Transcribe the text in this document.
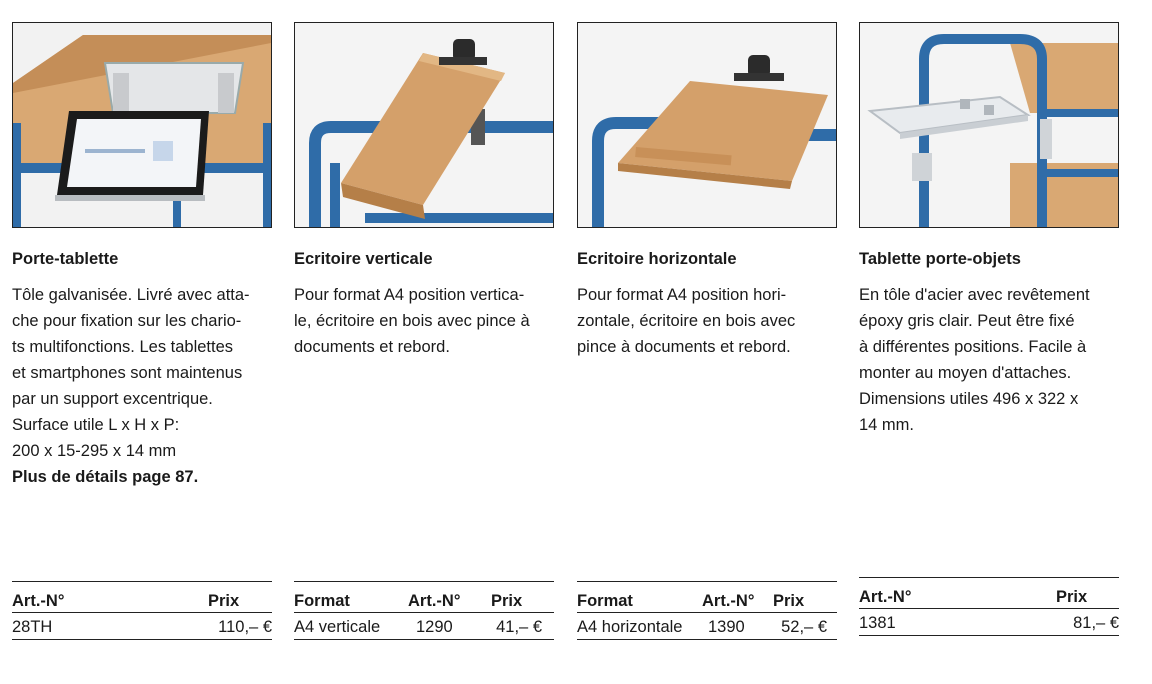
Porte-tablette
Tôle galvanisée. Livré avec atta-
che pour fixation sur les chario-
ts multifonctions. Les tablettes
et smartphones sont maintenus
par un support excentrique.
Surface utile L x H x P:
200 x 15-295 x 14 mm
Plus de détails page 87.
Art.-N°	Prix
28TH	110,– €
Ecritoire verticale
Pour format A4 position vertica-
le, écritoire en bois avec pince à
documents et rebord.
Format	Art.-N° Prix
A4 verticale 1290	41,– €
Ecritoire horizontale
Pour format A4 position hori-
zontale, écritoire en bois avec
pince à documents et rebord.
Format	Art.-N° Prix
A4 horizontale 1390 52,– €
Tablette porte-objets
En tôle d'acier avec revêtement
époxy gris clair. Peut être fixé
à différentes positions. Facile à
monter au moyen d'attaches.
Dimensions utiles 496 x 322 x
14 mm.
Art.-N°	Prix
1381	81,– €
